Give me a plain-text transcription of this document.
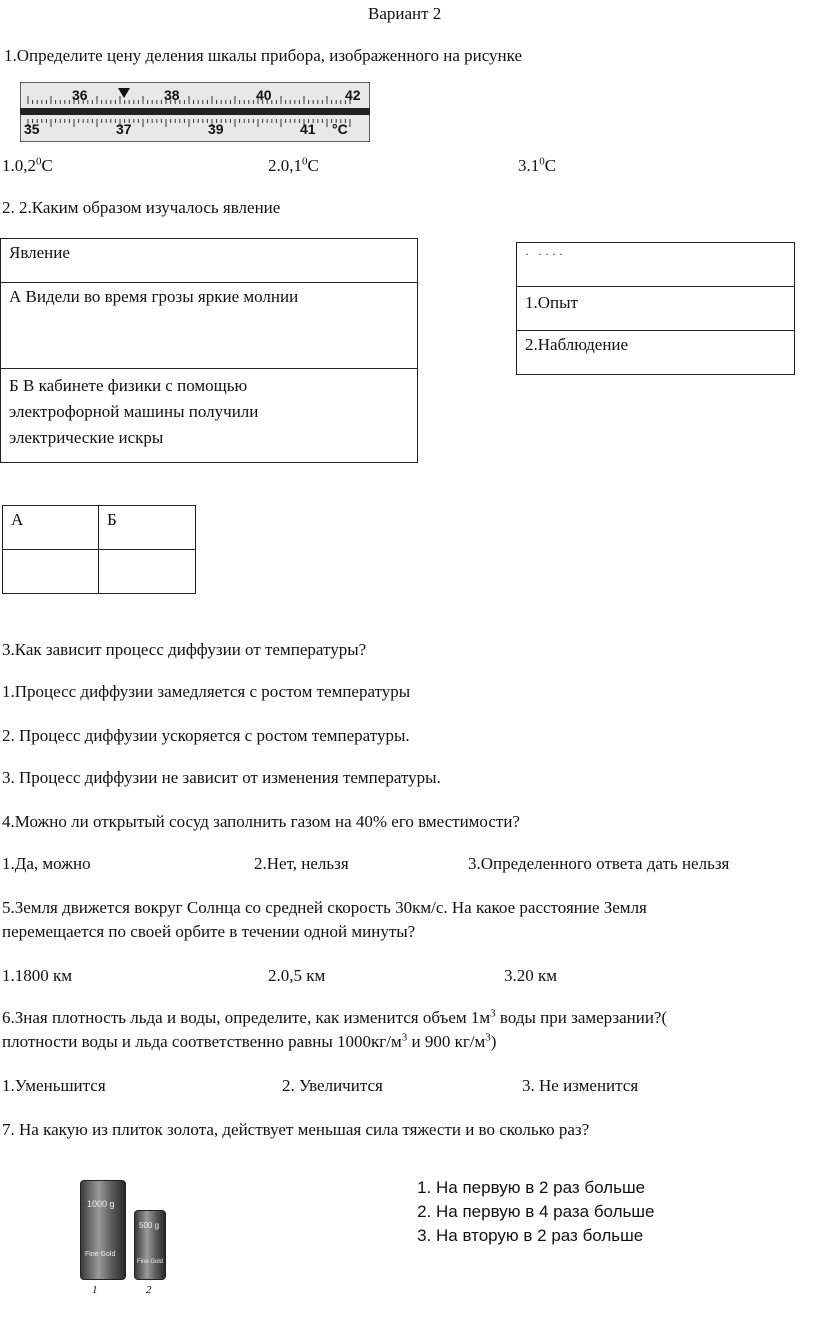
Вариант 2
1.Определите цену деления шкалы прибора, изображенного на рисунке
36	38	40	42
35	37	39	41 °C
1.0,2$^0$С	2.0,1$^0$С	$3.1^0С$
2. 2.Каким образом изучалось явление
Явление
А Видели во время грозы яркие молнии

Б В кабинете физики с помощью
электрофорной машины получили
электрические искры
· ····
1.Опыт
2.Наблюдение
А	Б

3.Как зависит процесс диффузии от температуры?
1.Процесс диффузии замедляется с ростом температуры
2. Процесс диффузии ускоряется с ростом температуры.
3. Процесс диффузии не зависит от изменения температуры.
4.Можно ли открытый сосуд заполнить газом на 40% его вместимости?
1.Да, можно	2.Нет, нельзя	3.Определенного ответа дать нельзя
5.Земля движется вокруг Солнца со средней скорость 30км/с. На какое расстояние Земля
перемещается по своей орбите в течении одной минуты?
1.1800 км	2.0,5 км	3.20 км
6.Зная плотность льда и воды, определите, как изменится объем $1м^3$ воды при замерзании?(
плотности воды и льда соответственно равны $1000кг/м^3$ и 900 $кг/м^3$)
1.Уменьшится	2. Увеличится	3. Не изменится
7. На какую из плиток золота, действует меньшая сила тяжести и во сколько раз?
1000 g
Fine Gold
500 g
Fine Gold
1	2
1. На первую в 2 раз больше
2. На первую в 4 раза больше
3. На вторую в 2 раз больше
